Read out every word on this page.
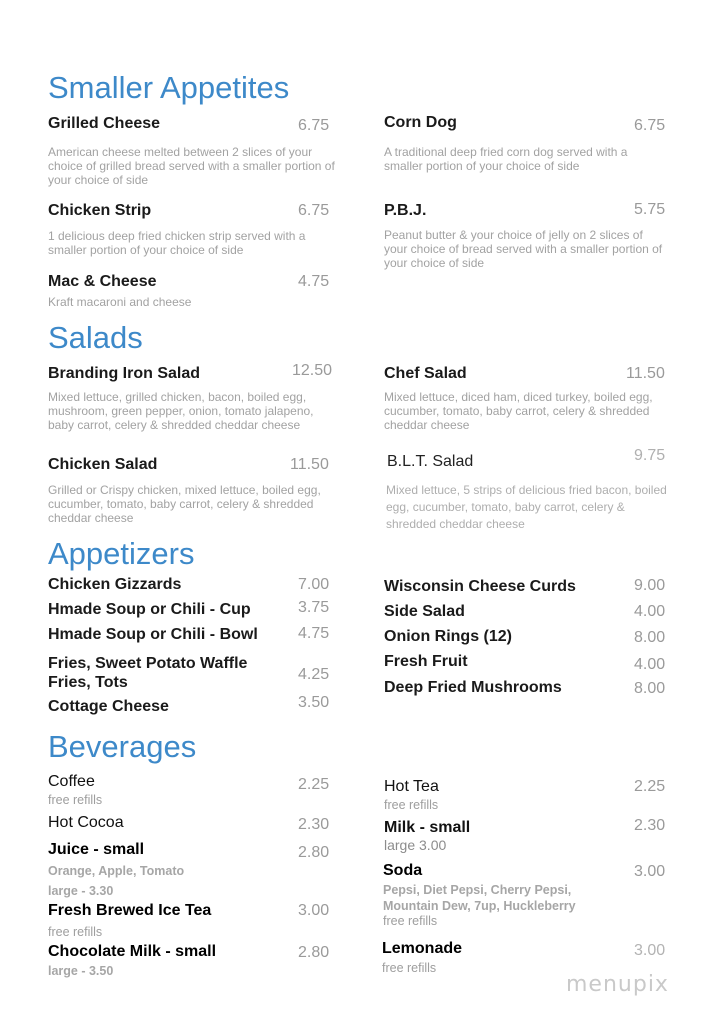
Smaller Appetites
Grilled Cheese	6.75
American cheese melted between 2 slices of your choice of grilled bread served with a smaller portion of your choice of side
Corn Dog	6.75
A traditional deep fried corn dog served with a smaller portion of your choice of side
Chicken Strip	6.75
1 delicious deep fried chicken strip served with a smaller portion of your choice of side
P.B.J.	5.75
Peanut butter & your choice of jelly on 2 slices of your choice of bread served with a smaller portion of your choice of side
Mac & Cheese	4.75
Kraft macaroni and cheese
Salads
Branding Iron Salad	12.50
Mixed lettuce, grilled chicken, bacon, boiled egg, mushroom, green pepper, onion, tomato jalapeno, baby carrot, celery & shredded cheddar cheese
Chef Salad	11.50
Mixed lettuce, diced ham, diced turkey, boiled egg, cucumber, tomato, baby carrot, celery & shredded cheddar cheese
Chicken Salad	11.50
Grilled or Crispy chicken, mixed lettuce, boiled egg, cucumber, tomato, baby carrot, celery & shredded cheddar cheese
B.L.T. Salad	9.75
Mixed lettuce, 5 strips of delicious fried bacon, boiled egg, cucumber, tomato, baby carrot, celery & shredded cheddar cheese
Appetizers
Chicken Gizzards	7.00
Hmade Soup or Chili - Cup	3.75
Hmade Soup or Chili - Bowl	4.75
Fries, Sweet Potato Waffle Fries, Tots	4.25
Cottage Cheese	3.50
Wisconsin Cheese Curds	9.00
Side Salad	4.00
Onion Rings (12)	8.00
Fresh Fruit	4.00
Deep Fried Mushrooms	8.00
Beverages
Coffee	2.25
free refills
Hot Cocoa	2.30
Juice - small	2.80
Orange, Apple, Tomato
large - 3.30
Fresh Brewed Ice Tea	3.00
free refills
Chocolate Milk - small	2.80
large - 3.50
Hot Tea	2.25
free refills
Milk - small	2.30
large 3.00
Soda	3.00
Pepsi, Diet Pepsi, Cherry Pepsi, Mountain Dew, 7up, Huckleberry
free refills
Lemonade	3.00
free refills
menupix
